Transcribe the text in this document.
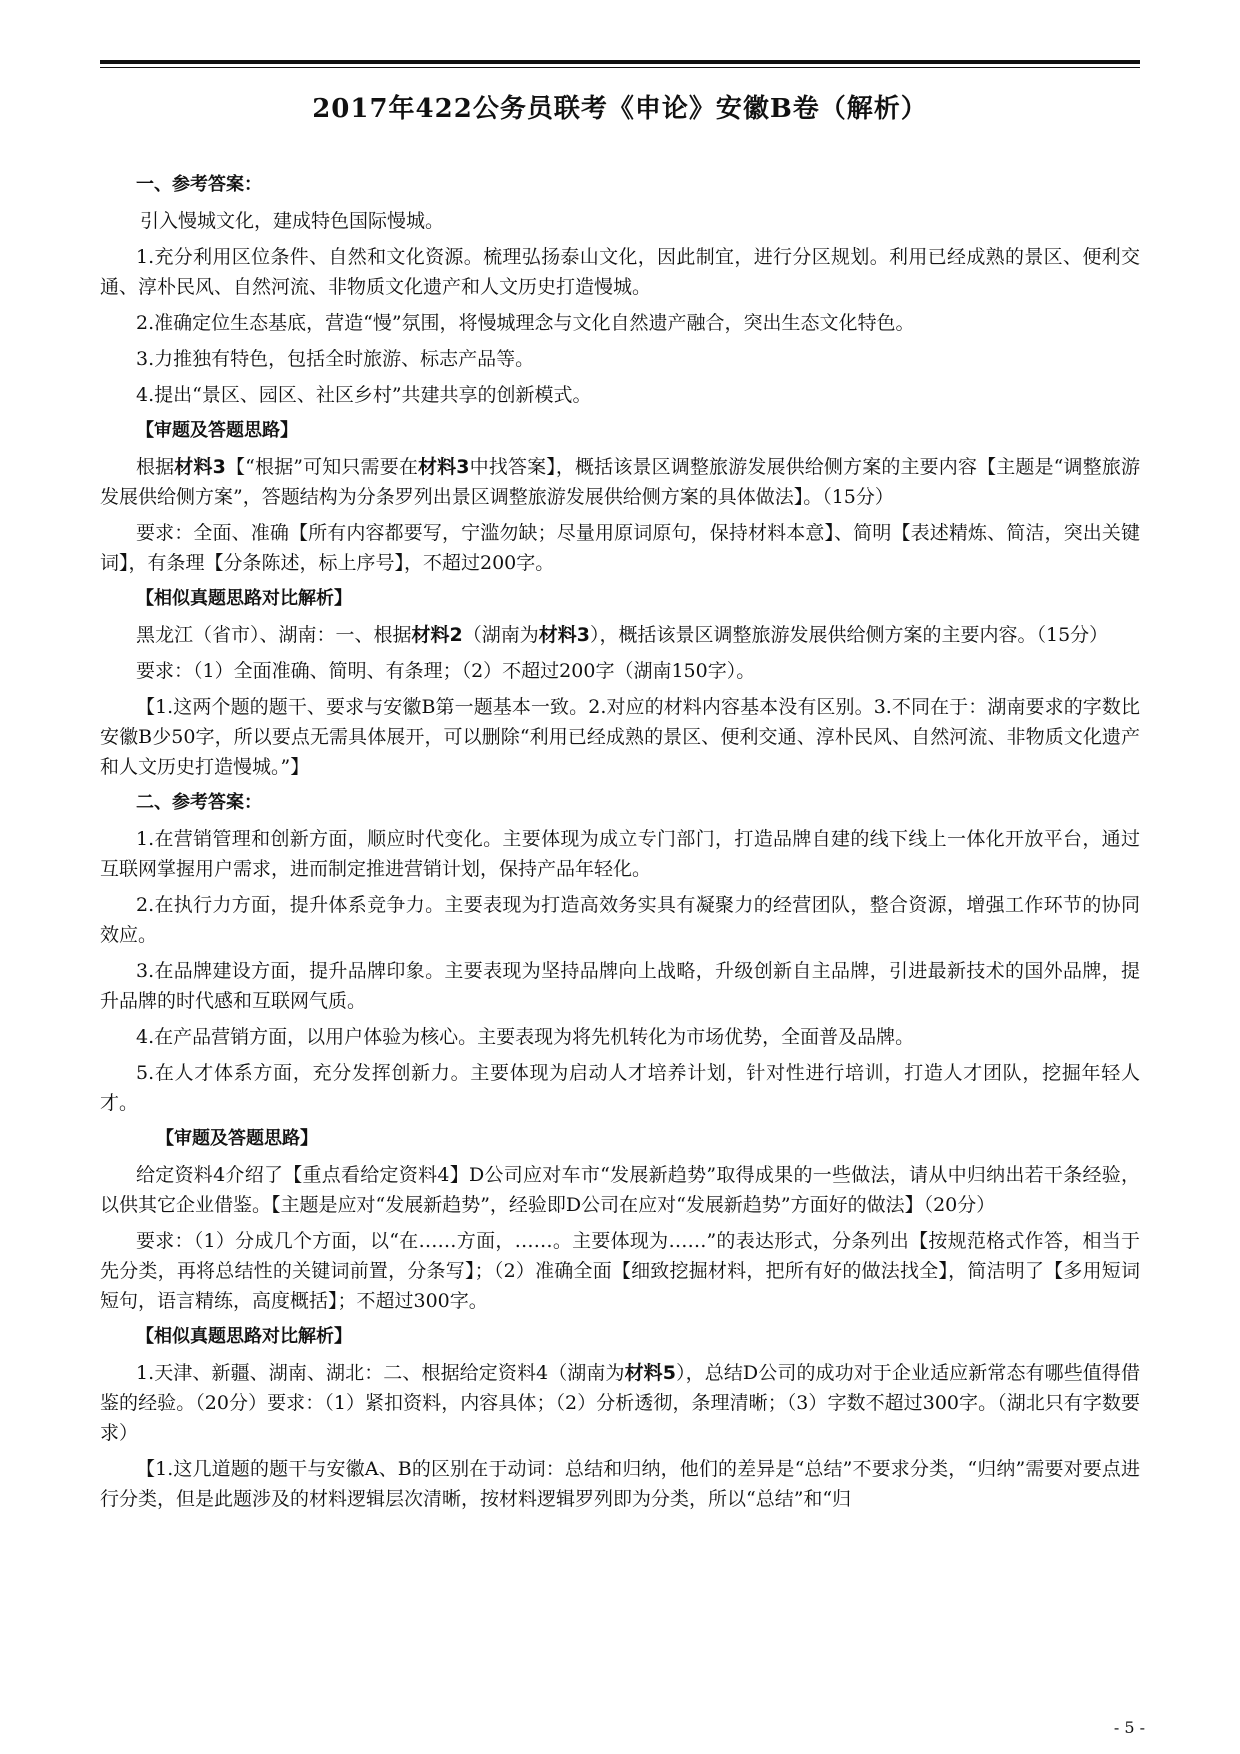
2017年422公务员联考《申论》安徽B卷（解析）

一、参考答案：

引入慢城文化，建成特色国际慢城。

1.充分利用区位条件、自然和文化资源。梳理弘扬泰山文化，因此制宜，进行分区规划。利用已经成熟的景区、便利交通、淳朴民风、自然河流、非物质文化遗产和人文历史打造慢城。

2.准确定位生态基底，营造“慢”氛围，将慢城理念与文化自然遗产融合，突出生态文化特色。

3.力推独有特色，包括全时旅游、标志产品等。

4.提出“景区、园区、社区乡村”共建共享的创新模式。

【审题及答题思路】

根据材料3【“根据”可知只需要在材料3中找答案】，概括该景区调整旅游发展供给侧方案的主要内容【主题是“调整旅游发展供给侧方案”，答题结构为分条罗列出景区调整旅游发展供给侧方案的具体做法】。（15分）

要求：全面、准确【所有内容都要写，宁滥勿缺；尽量用原词原句，保持材料本意】、简明【表述精炼、简洁，突出关键词】，有条理【分条陈述，标上序号】，不超过200字。

【相似真题思路对比解析】

黑龙江（省市）、湖南：一、根据材料2（湖南为材料3），概括该景区调整旅游发展供给侧方案的主要内容。（15分）

要求：（1）全面准确、简明、有条理；（2）不超过200字（湖南150字）。

【1.这两个题的题干、要求与安徽B第一题基本一致。2.对应的材料内容基本没有区别。3.不同在于：湖南要求的字数比安徽B少50字，所以要点无需具体展开，可以删除“利用已经成熟的景区、便利交通、淳朴民风、自然河流、非物质文化遗产和人文历史打造慢城。”】

二、参考答案：

1.在营销管理和创新方面，顺应时代变化。主要体现为成立专门部门，打造品牌自建的线下线上一体化开放平台，通过互联网掌握用户需求，进而制定推进营销计划，保持产品年轻化。

2.在执行力方面，提升体系竞争力。主要表现为打造高效务实具有凝聚力的经营团队，整合资源，增强工作环节的协同效应。

3.在品牌建设方面，提升品牌印象。主要表现为坚持品牌向上战略，升级创新自主品牌，引进最新技术的国外品牌，提升品牌的时代感和互联网气质。

4.在产品营销方面，以用户体验为核心。主要表现为将先机转化为市场优势，全面普及品牌。

5.在人才体系方面，充分发挥创新力。主要体现为启动人才培养计划，针对性进行培训，打造人才团队，挖掘年轻人才。

【审题及答题思路】

给定资料4介绍了【重点看给定资料4】D公司应对车市“发展新趋势”取得成果的一些做法，请从中归纳出若干条经验，以供其它企业借鉴。【主题是应对“发展新趋势”，经验即D公司在应对“发展新趋势”方面好的做法】（20分）

要求：（1）分成几个方面，以“在……方面，……。主要体现为……”的表达形式，分条列出【按规范格式作答，相当于先分类，再将总结性的关键词前置，分条写】；（2）准确全面【细致挖掘材料，把所有好的做法找全】，简洁明了【多用短词短句，语言精练，高度概括】；不超过300字。

【相似真题思路对比解析】

1.天津、新疆、湖南、湖北：二、根据给定资料4（湖南为材料5），总结D公司的成功对于企业适应新常态有哪些值得借鉴的经验。（20分）要求：（1）紧扣资料，内容具体；（2）分析透彻，条理清晰；（3）字数不超过300字。（湖北只有字数要求）

【1.这几道题的题干与安徽A、B的区别在于动词：总结和归纳，他们的差异是“总结”不要求分类，“归纳”需要对要点进行分类，但是此题涉及的材料逻辑层次清晰，按材料逻辑罗列即为分类，所以“总结”和“归

- 5 -
